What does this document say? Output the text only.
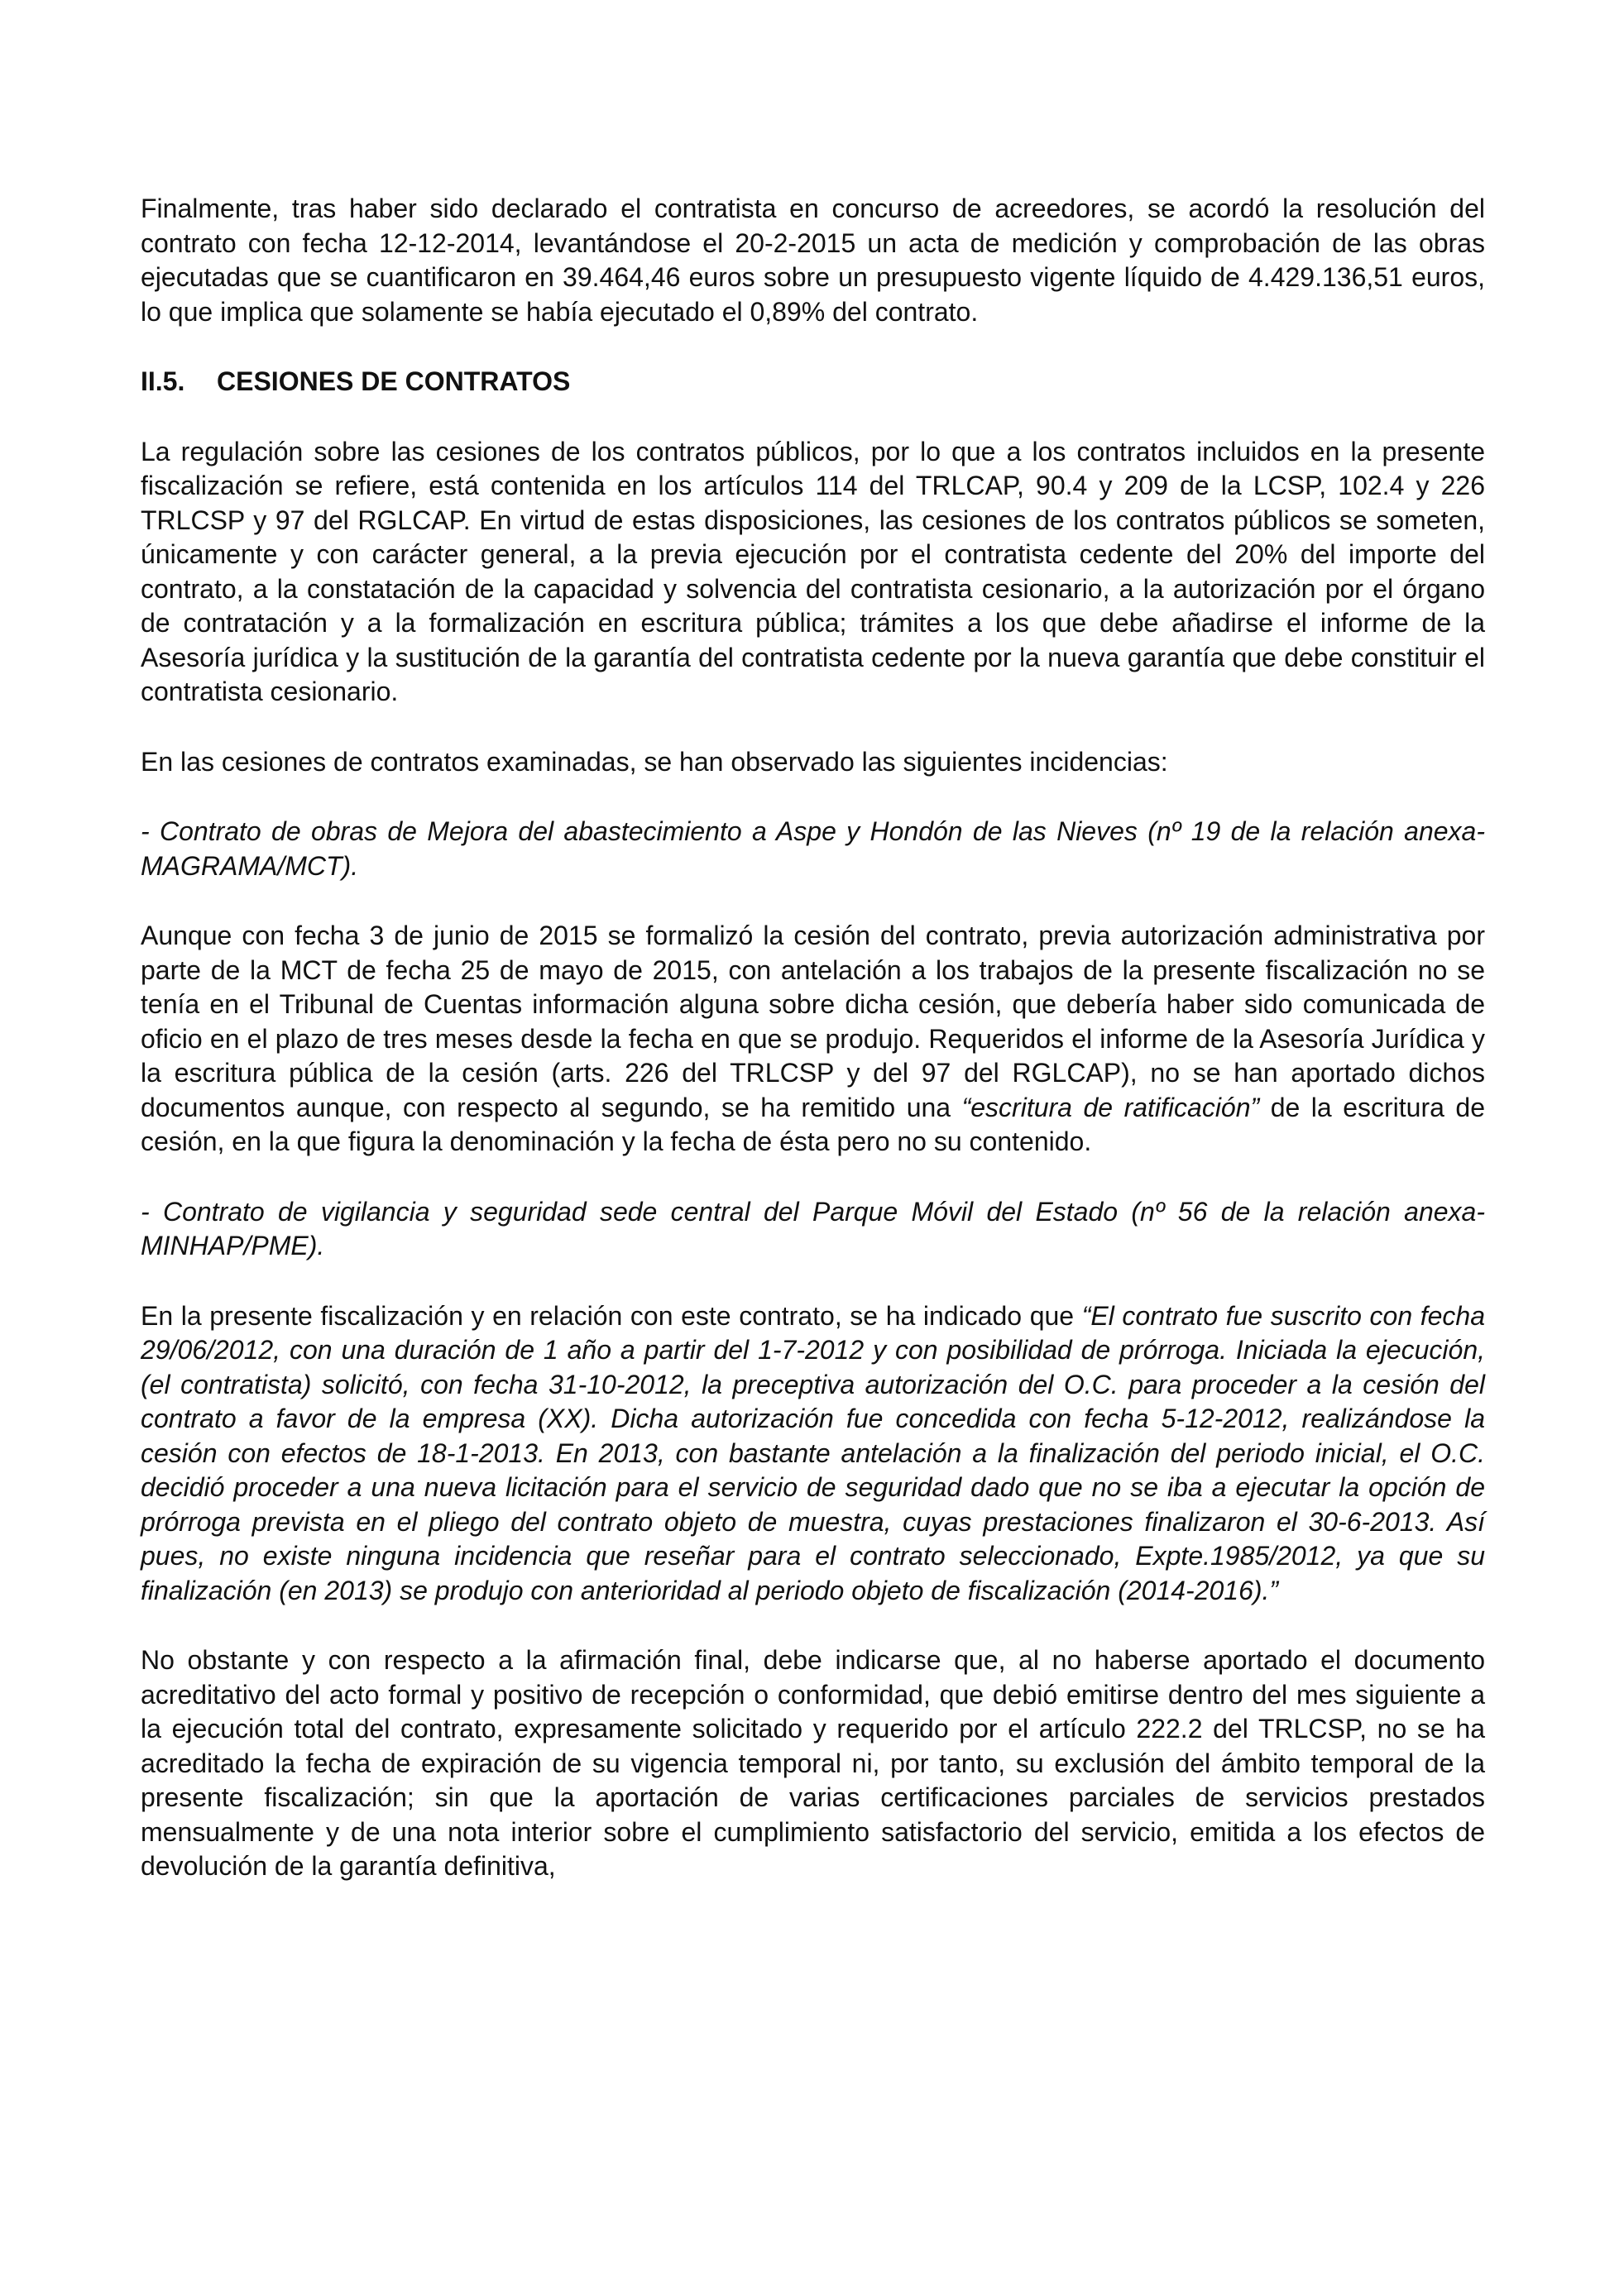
Finalmente, tras haber sido declarado el contratista en concurso de acreedores, se acordó la resolución del contrato con fecha 12-12-2014, levantándose el 20-2-2015 un acta de medición y comprobación de las obras ejecutadas que se cuantificaron en 39.464,46 euros sobre un presupuesto vigente líquido de 4.429.136,51 euros, lo que implica que solamente se había ejecutado el 0,89% del contrato.

II.5.	CESIONES DE CONTRATOS

La regulación sobre las cesiones de los contratos públicos, por lo que a los contratos incluidos en la presente fiscalización se refiere, está contenida en los artículos 114 del TRLCAP, 90.4 y 209 de la LCSP, 102.4 y 226 TRLCSP y 97 del RGLCAP. En virtud de estas disposiciones, las cesiones de los contratos públicos se someten, únicamente y con carácter general, a la previa ejecución por el contratista cedente del 20% del importe del contrato, a la constatación de la capacidad y solvencia del contratista cesionario, a la autorización por el órgano de contratación y a la formalización en escritura pública; trámites a los que debe añadirse el informe de la Asesoría jurídica y la sustitución de la garantía del contratista cedente por la nueva garantía que debe constituir el contratista cesionario.

En las cesiones de contratos examinadas, se han observado las siguientes incidencias:

- Contrato de obras de Mejora del abastecimiento a Aspe y Hondón de las Nieves (nº 19 de la relación anexa-MAGRAMA/MCT).

Aunque con fecha 3 de junio de 2015 se formalizó la cesión del contrato, previa autorización administrativa por parte de la MCT de fecha 25 de mayo de 2015, con antelación a los trabajos de la presente fiscalización no se tenía en el Tribunal de Cuentas información alguna sobre dicha cesión, que debería haber sido comunicada de oficio en el plazo de tres meses desde la fecha en que se produjo. Requeridos el informe de la Asesoría Jurídica y la escritura pública de la cesión (arts. 226 del TRLCSP y del 97 del RGLCAP), no se han aportado dichos documentos aunque, con respecto al segundo, se ha remitido una “escritura de ratificación” de la escritura de cesión, en la que figura la denominación y la fecha de ésta pero no su contenido.

- Contrato de vigilancia y seguridad sede central del Parque Móvil del Estado (nº 56 de la relación anexa-MINHAP/PME).

En la presente fiscalización y en relación con este contrato, se ha indicado que “El contrato fue suscrito con fecha 29/06/2012, con una duración de 1 año a partir del 1-7-2012 y con posibilidad de prórroga. Iniciada la ejecución, (el contratista) solicitó, con fecha 31-10-2012, la preceptiva autorización del O.C. para proceder a la cesión del contrato a favor de la empresa (XX). Dicha autorización fue concedida con fecha 5-12-2012, realizándose la cesión con efectos de 18-1-2013. En 2013, con bastante antelación a la finalización del periodo inicial, el O.C. decidió proceder a una nueva licitación para el servicio de seguridad dado que no se iba a ejecutar la opción de prórroga prevista en el pliego del contrato objeto de muestra, cuyas prestaciones finalizaron el 30-6-2013. Así pues, no existe ninguna incidencia que reseñar para el contrato seleccionado, Expte.1985/2012, ya que su finalización (en 2013) se produjo con anterioridad al periodo objeto de fiscalización (2014-2016).”

No obstante y con respecto a la afirmación final, debe indicarse que, al no haberse aportado el documento acreditativo del acto formal y positivo de recepción o conformidad, que debió emitirse dentro del mes siguiente a la ejecución total del contrato, expresamente solicitado y requerido por el artículo 222.2 del TRLCSP, no se ha acreditado la fecha de expiración de su vigencia temporal ni, por tanto, su exclusión del ámbito temporal de la presente fiscalización; sin que la aportación de varias certificaciones parciales de servicios prestados mensualmente y de una nota interior sobre el cumplimiento satisfactorio del servicio, emitida a los efectos de devolución de la garantía definitiva,
